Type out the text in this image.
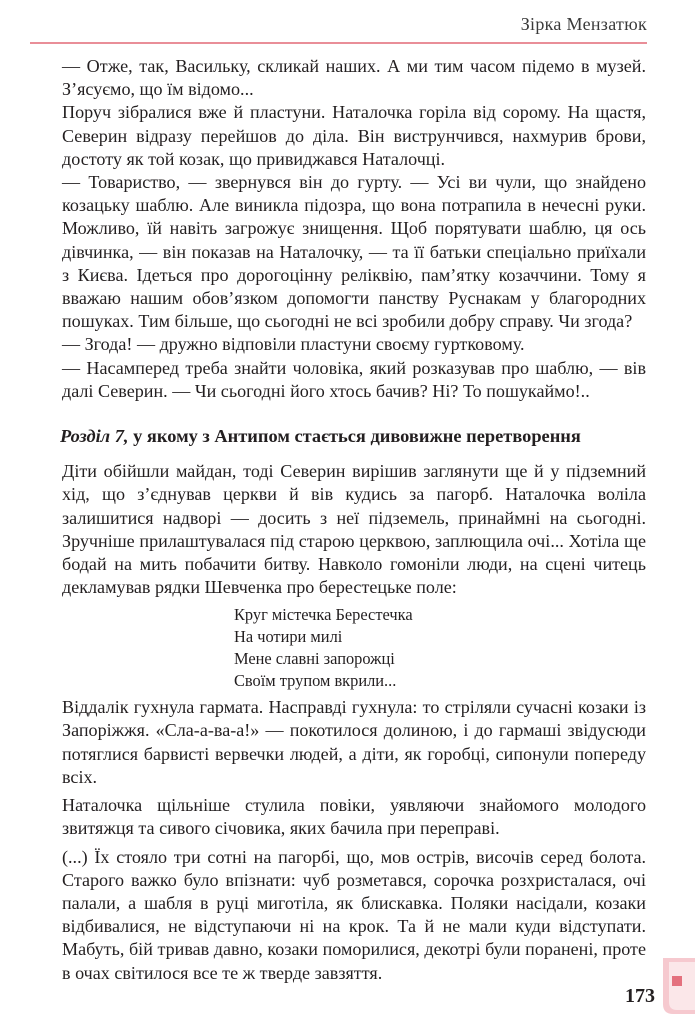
Зірка Мензатюк

— Отже, так, Васильку, скликай наших. А ми тим часом підемо в музей. З’ясуємо, що їм відомо...

Поруч зібралися вже й пластуни. Наталочка горіла від сорому. На щастя, Северин відразу перейшов до діла. Він виструнчився, нахмурив брови, достоту як той козак, що привиджався Наталочці.

— Товариство, — звернувся він до гурту. — Усі ви чули, що знайдено козацьку шаблю. Але виникла підозра, що вона потрапила в нечесні руки. Можливо, їй навіть загрожує знищення. Щоб порятувати шаблю, ця ось дівчинка, — він показав на Наталочку, — та її батьки спеціально приїхали з Києва. Ідеться про дорогоцінну реліквію, пам’ятку козаччини. Тому я вважаю нашим обов’язком допомогти панству Руснакам у благородних пошуках. Тим більше, що сьогодні не всі зробили добру справу. Чи згода?

— Згода! — дружно відповіли пластуни своєму гуртковому.

— Насамперед треба знайти чоловіка, який розказував про шаблю, — вів далі Северин. — Чи сьогодні його хтось бачив? Ні? То пошукаймо!..

Розділ 7, у якому з Антипом стається дивовижне перетворення

Діти обійшли майдан, тоді Северин вирішив заглянути ще й у підземний хід, що з’єднував церкви й вів кудись за пагорб. Наталочка воліла залишитися надворі — досить з неї підземель, принаймні на сьогодні. Зручніше прилаштувалася під старою церквою, заплющила очі... Хотіла ще бодай на мить побачити битву. Навколо гомоніли люди, на сцені читець декламував рядки Шевченка про берестецьке поле:

Круг містечка Берестечка
На чотири милі
Мене славні запорожці
Своїм трупом вкрили...

Віддалік гухнула гармата. Насправді гухнула: то стріляли сучасні козаки із Запоріжжя. «Сла-а-ва-а!» — покотилося долиною, і до гармаші звідусюди потяглися барвисті вервечки людей, а діти, як горобці, сипонули попереду всіх.

Наталочка щільніше стулила повіки, уявляючи знайомого молодого звитяжця та сивого січовика, яких бачила при переправі.

(...) Їх стояло три сотні на пагорбі, що, мов острів, височів серед болота. Старого важко було впізнати: чуб розметався, сорочка розхристалася, очі палали, а шабля в руці миготіла, як блискавка. Поляки насідали, козаки відбивалися, не відступаючи ні на крок. Та й не мали куди відступати. Мабуть, бій тривав давно, козаки поморилися, декотрі були поранені, проте в очах світилося все те ж тверде завзяття.

173
